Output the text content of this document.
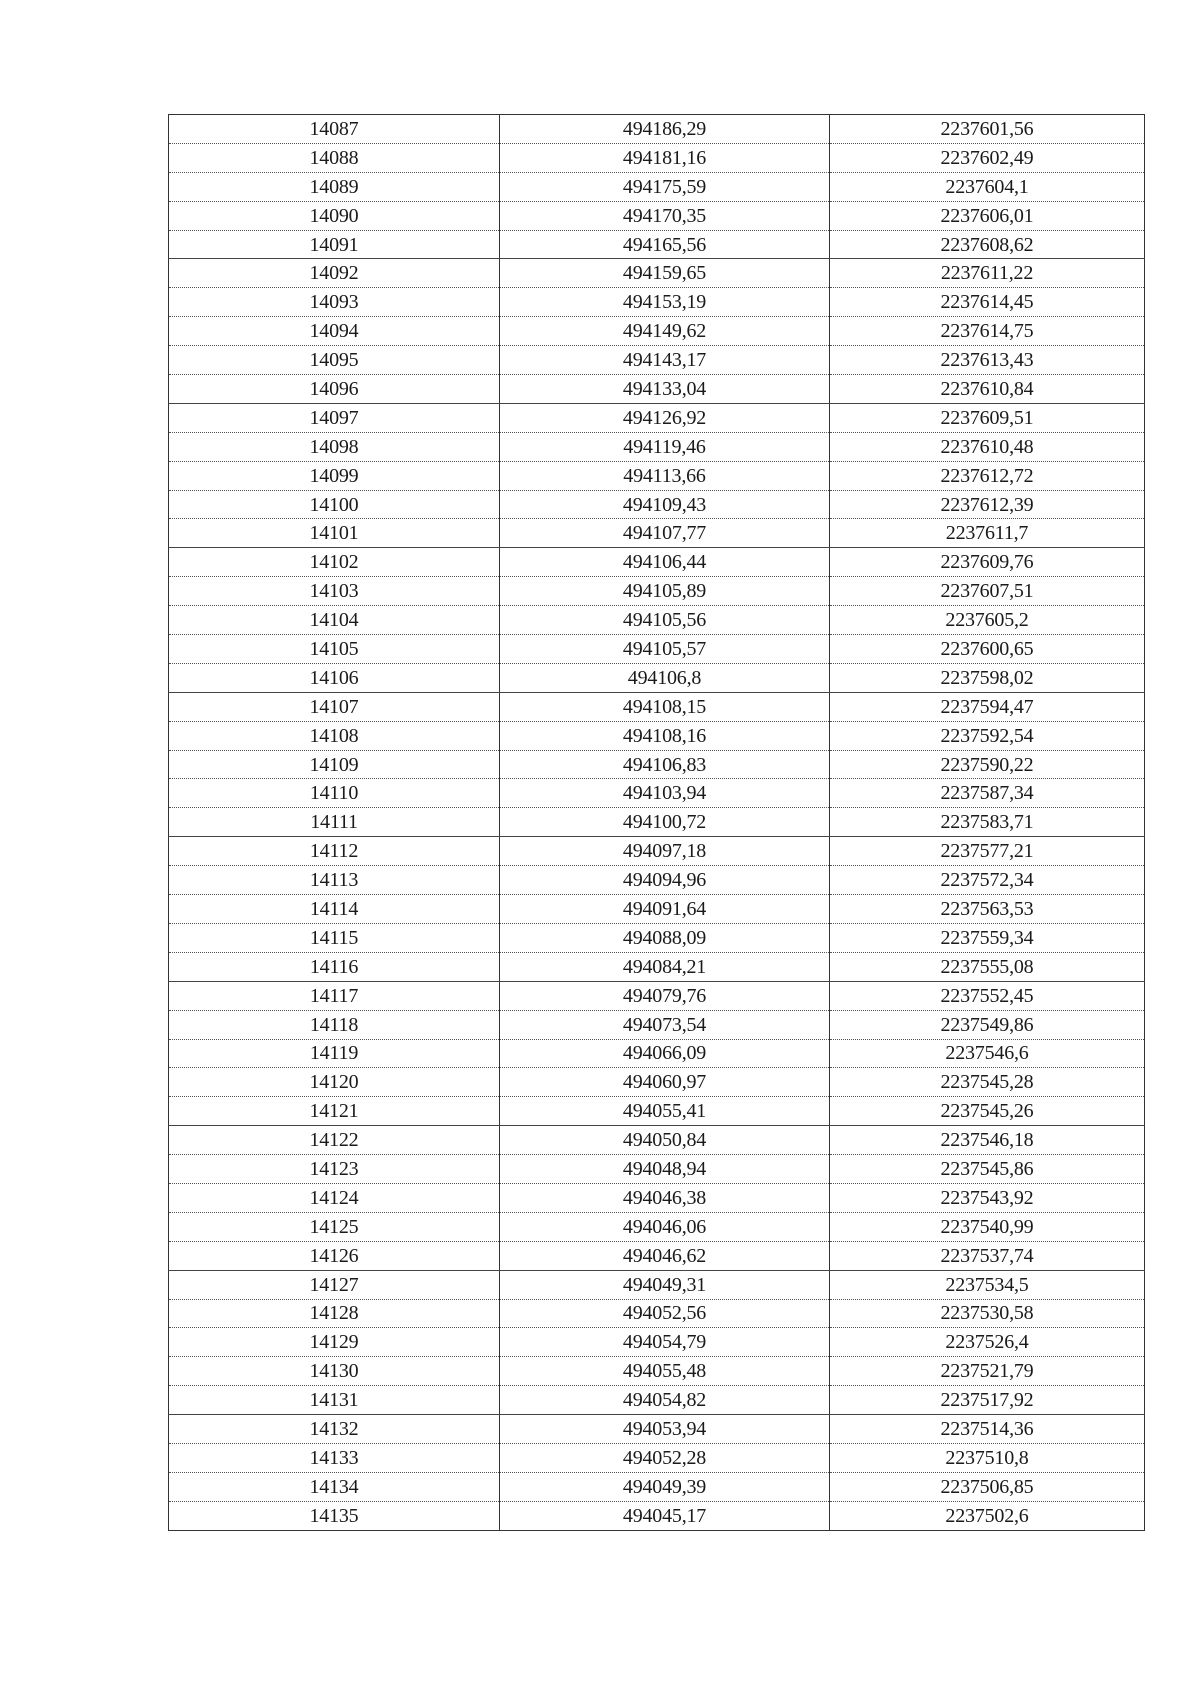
14087	494186,29	2237601,56
14088	494181,16	2237602,49
14089	494175,59	2237604,1
14090	494170,35	2237606,01
14091	494165,56	2237608,62
14092	494159,65	2237611,22
14093	494153,19	2237614,45
14094	494149,62	2237614,75
14095	494143,17	2237613,43
14096	494133,04	2237610,84
14097	494126,92	2237609,51
14098	494119,46	2237610,48
14099	494113,66	2237612,72
14100	494109,43	2237612,39
14101	494107,77	2237611,7
14102	494106,44	2237609,76
14103	494105,89	2237607,51
14104	494105,56	2237605,2
14105	494105,57	2237600,65
14106	494106,8	2237598,02
14107	494108,15	2237594,47
14108	494108,16	2237592,54
14109	494106,83	2237590,22
14110	494103,94	2237587,34
14111	494100,72	2237583,71
14112	494097,18	2237577,21
14113	494094,96	2237572,34
14114	494091,64	2237563,53
14115	494088,09	2237559,34
14116	494084,21	2237555,08
14117	494079,76	2237552,45
14118	494073,54	2237549,86
14119	494066,09	2237546,6
14120	494060,97	2237545,28
14121	494055,41	2237545,26
14122	494050,84	2237546,18
14123	494048,94	2237545,86
14124	494046,38	2237543,92
14125	494046,06	2237540,99
14126	494046,62	2237537,74
14127	494049,31	2237534,5
14128	494052,56	2237530,58
14129	494054,79	2237526,4
14130	494055,48	2237521,79
14131	494054,82	2237517,92
14132	494053,94	2237514,36
14133	494052,28	2237510,8
14134	494049,39	2237506,85
14135	494045,17	2237502,6
